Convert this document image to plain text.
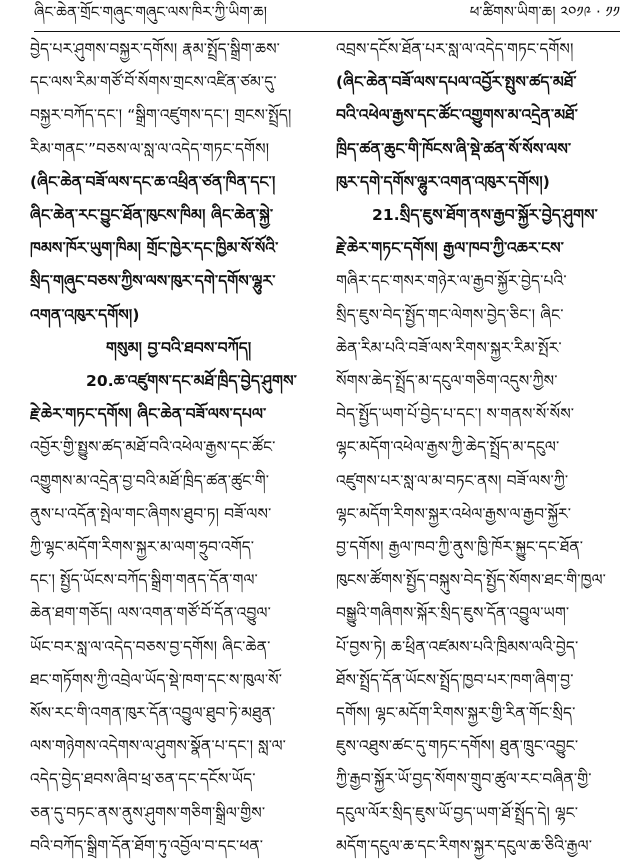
ཞིང་ཆེན་གྲོང་གཞུང་གཞུང་ལས་ཁིར་ཀྱི་ཡིག་ཆ།	ཕ་ཚིགས་ཡིག་ཆ། ༢༠༡༩ · ༡༡
བྱེད་པར་ཤུགས་བསྐྱར་དགོས། རྣམ་སྤྲོད་སྒྲིག་ཆས་
དང་ལས་རིམ་གཙོ་བོ་སོགས་གྲངས་འཛིན་ཙམ་དུ་
བསྐྱར་བཀོད་དང་། “སྒྲིག་འཛུགས་དང་། གྲངས་སྤྲོད།
རིམ་གནང་”བཅས་ལ་སླ་ལ་འདེད་གཏང་དགོས།
(ཞིང་ཆེན་བཟོ་ལས་དང་ཆ་འཕྲིན་ཙན་ཁིན་དང་།
ཞིང་ཆེན་རང་བྱུང་ཐོན་ཁུངས་ཁིམ། ཞིང་ཆེན་སྐྱེ་
ཁམས་ཁོར་ཡུག་ཁིམ། གྲོང་ཁྱེར་དང་ཁྱིམ་སོ་སོའི་
སྲིད་གཞུང་བཅས་ཀྱིས་ལས་ཁུར་དགེ་དགོས་ལྷུར་
འགན་འཁུར་དགོས།)
གསུམ། བྱ་བའི་ཐབས་བཀོད།
20.ཆ་འཛུགས་དང་མཐོ་ཁྲིད་བྱེད་ཤུགས་
རྗེ་ཆེར་གཏང་དགོས། ཞིང་ཆེན་བཟོ་ལས་དཔལ་
འབྱོར་གྱི་སྤྱུས་ཚད་མཐོ་བའི་འཕེལ་རྒྱས་དང་ཚོང་
འགྱུགས་མ་འདྲེན་བྱ་བའི་མཐོ་ཁྲིད་ཚན་ཚུང་གི་
ནུས་པ་འདོན་སྤེལ་གང་ཞིགས་ཐུབ་ཏ། བཟོ་ལས་
ཀྱི་ལྷང་མདོག་རིགས་སྐྱར་མ་ལག་ཧྲུབ་འགོད་
དང་། སྤྱོད་ཡོངས་བཀོད་སྒྲིག་གནད་དོན་གལ་
ཆེན་ཐག་གཅོད། ལས་འགན་གཙོ་བོ་དོན་འབྱུལ་
ཡོང་བར་སླ་ལ་འདེད་བཅས་བྱ་དགོས། ཞིང་ཆེན་
ཐང་གཏོགས་ཀྱི་འབྲེལ་ཡོད་སྡེ་ཁག་དང་ས་ཁུལ་སོ་
སོས་རང་གི་འགན་ཁུར་དོན་འབྱུལ་ཐུབ་ཏེ་མཐུན་
ལས་གཉེགས་འདེགས་ལ་ཤུགས་སྣོན་པ་དང་། སླ་ལ་
འདེད་བྱེད་ཐབས་ཞིབ་ཕྲ་ཅན་དང་དངོས་ཡོད་
ཅན་དུ་བཏང་ནས་ནུས་ཤུགས་གཅིག་སྒྲིལ་གྱིས་
བའི་བཀོད་སྒྲིག་དོན་ཐོག་ཏུ་འབྱོལ་བ་དང་ཕན་
འབྲས་དངོས་ཐོན་པར་སླ་ལ་འདེད་གཏང་དགོས།
(ཞིང་ཆེན་བཟོ་ལས་དཔལ་འབྱོར་སྤུས་ཚད་མཐོ་
བའི་འཕེལ་རྒྱས་དང་ཚོང་འགྱུགས་མ་འདྲེན་མཐོ་
ཁྲིད་ཚན་ཆུང་གི་ཁོངས་ཞི་སྡེ་ཚན་སོ་སོས་ལས་
ཁུར་དགེ་དགོས་ལྷུར་འགན་འཁུར་དགོས།)
21.སྲིད་ཇུས་ཐོག་ནས་རྒྱབ་སྐྱོར་བྱེད་ཤུགས་
རྗེ་ཆེར་གཏང་དགོས། རྒྱལ་ཁབ་ཀྱི་འཆར་ངས་
གཞིར་དང་གསར་གཉེར་ལ་རྒྱབ་སྐྱོར་བྱེད་པའི་
སྲིད་ཇུས་བེད་སྤྱོད་གང་ལེགས་བྱེད་ཅིང་། ཞིང་
ཆེན་རིམ་པའི་བཟོ་ལས་རིགས་སྐྱར་རིམ་སྤོར་
སོགས་ཆེད་སྤྲོད་མ་དངུལ་གཅིག་འདུས་ཀྱིས་
བེད་སྤྱོད་ཡག་པོ་བྱེད་པ་དང་། ས་གནས་སོ་སོས་
ལྷང་མདོག་འཕེལ་རྒྱས་ཀྱི་ཆེད་སྤྲོད་མ་དངུལ་
འཛུགས་པར་སླ་ལ་མ་བཏང་ནས། བཟོ་ལས་ཀྱི་
ལྷང་མདོག་རིགས་སྐྱར་འཕེལ་རྒྱས་ལ་རྒྱབ་སྐྱོར་
བྱ་དགོས། རྒྱལ་ཁབ་ཀྱི་ནུས་ཁྱི་ཁོར་སྐྱུང་དང་ཐོན་
ཁུངས་ཚོགས་སྤྱོད་བསྐུས་བེད་སྤྱོད་སོགས་ཐང་གི་ཁྱལ་
བསྒྱུའི་གཞིགས་སྐོར་སྲིད་ཇུས་དོན་འབྱུལ་ཡག་
པོ་བྱས་ཏེ། ཆ་ཕྲིན་འཛམས་པའི་ཁྲིམས་ལའི་བྱེད་
ཐོས་སྤྲོད་དོན་ཡོངས་སྤྲོད་ཁྱབ་པར་ཁག་ཞིག་བྱ་
དགོས། ལྷང་མདོག་རིགས་སྐྱར་གྱི་རིན་གོང་སྲིད་
ཇུས་འཐུས་ཚང་དུ་གཏང་དགོས། ཐུན་ཁྲུང་འབྱུང་
ཀྱི་རྒྱབ་སྐྱོར་ཡོ་བྱད་སོགས་གྲུབ་ཚུལ་རང་བཞིན་གྱི་
དངུལ་ལོར་སྲིད་ཇུས་ཡོ་བྱད་ཡག་ཐོ་སྤྲོད་དེ། ལྷང་
མདོག་དངུལ་ཆ་དང་རིགས་སྐྱར་དངུལ་ཆ་ཅིའི་རྒྱལ་
